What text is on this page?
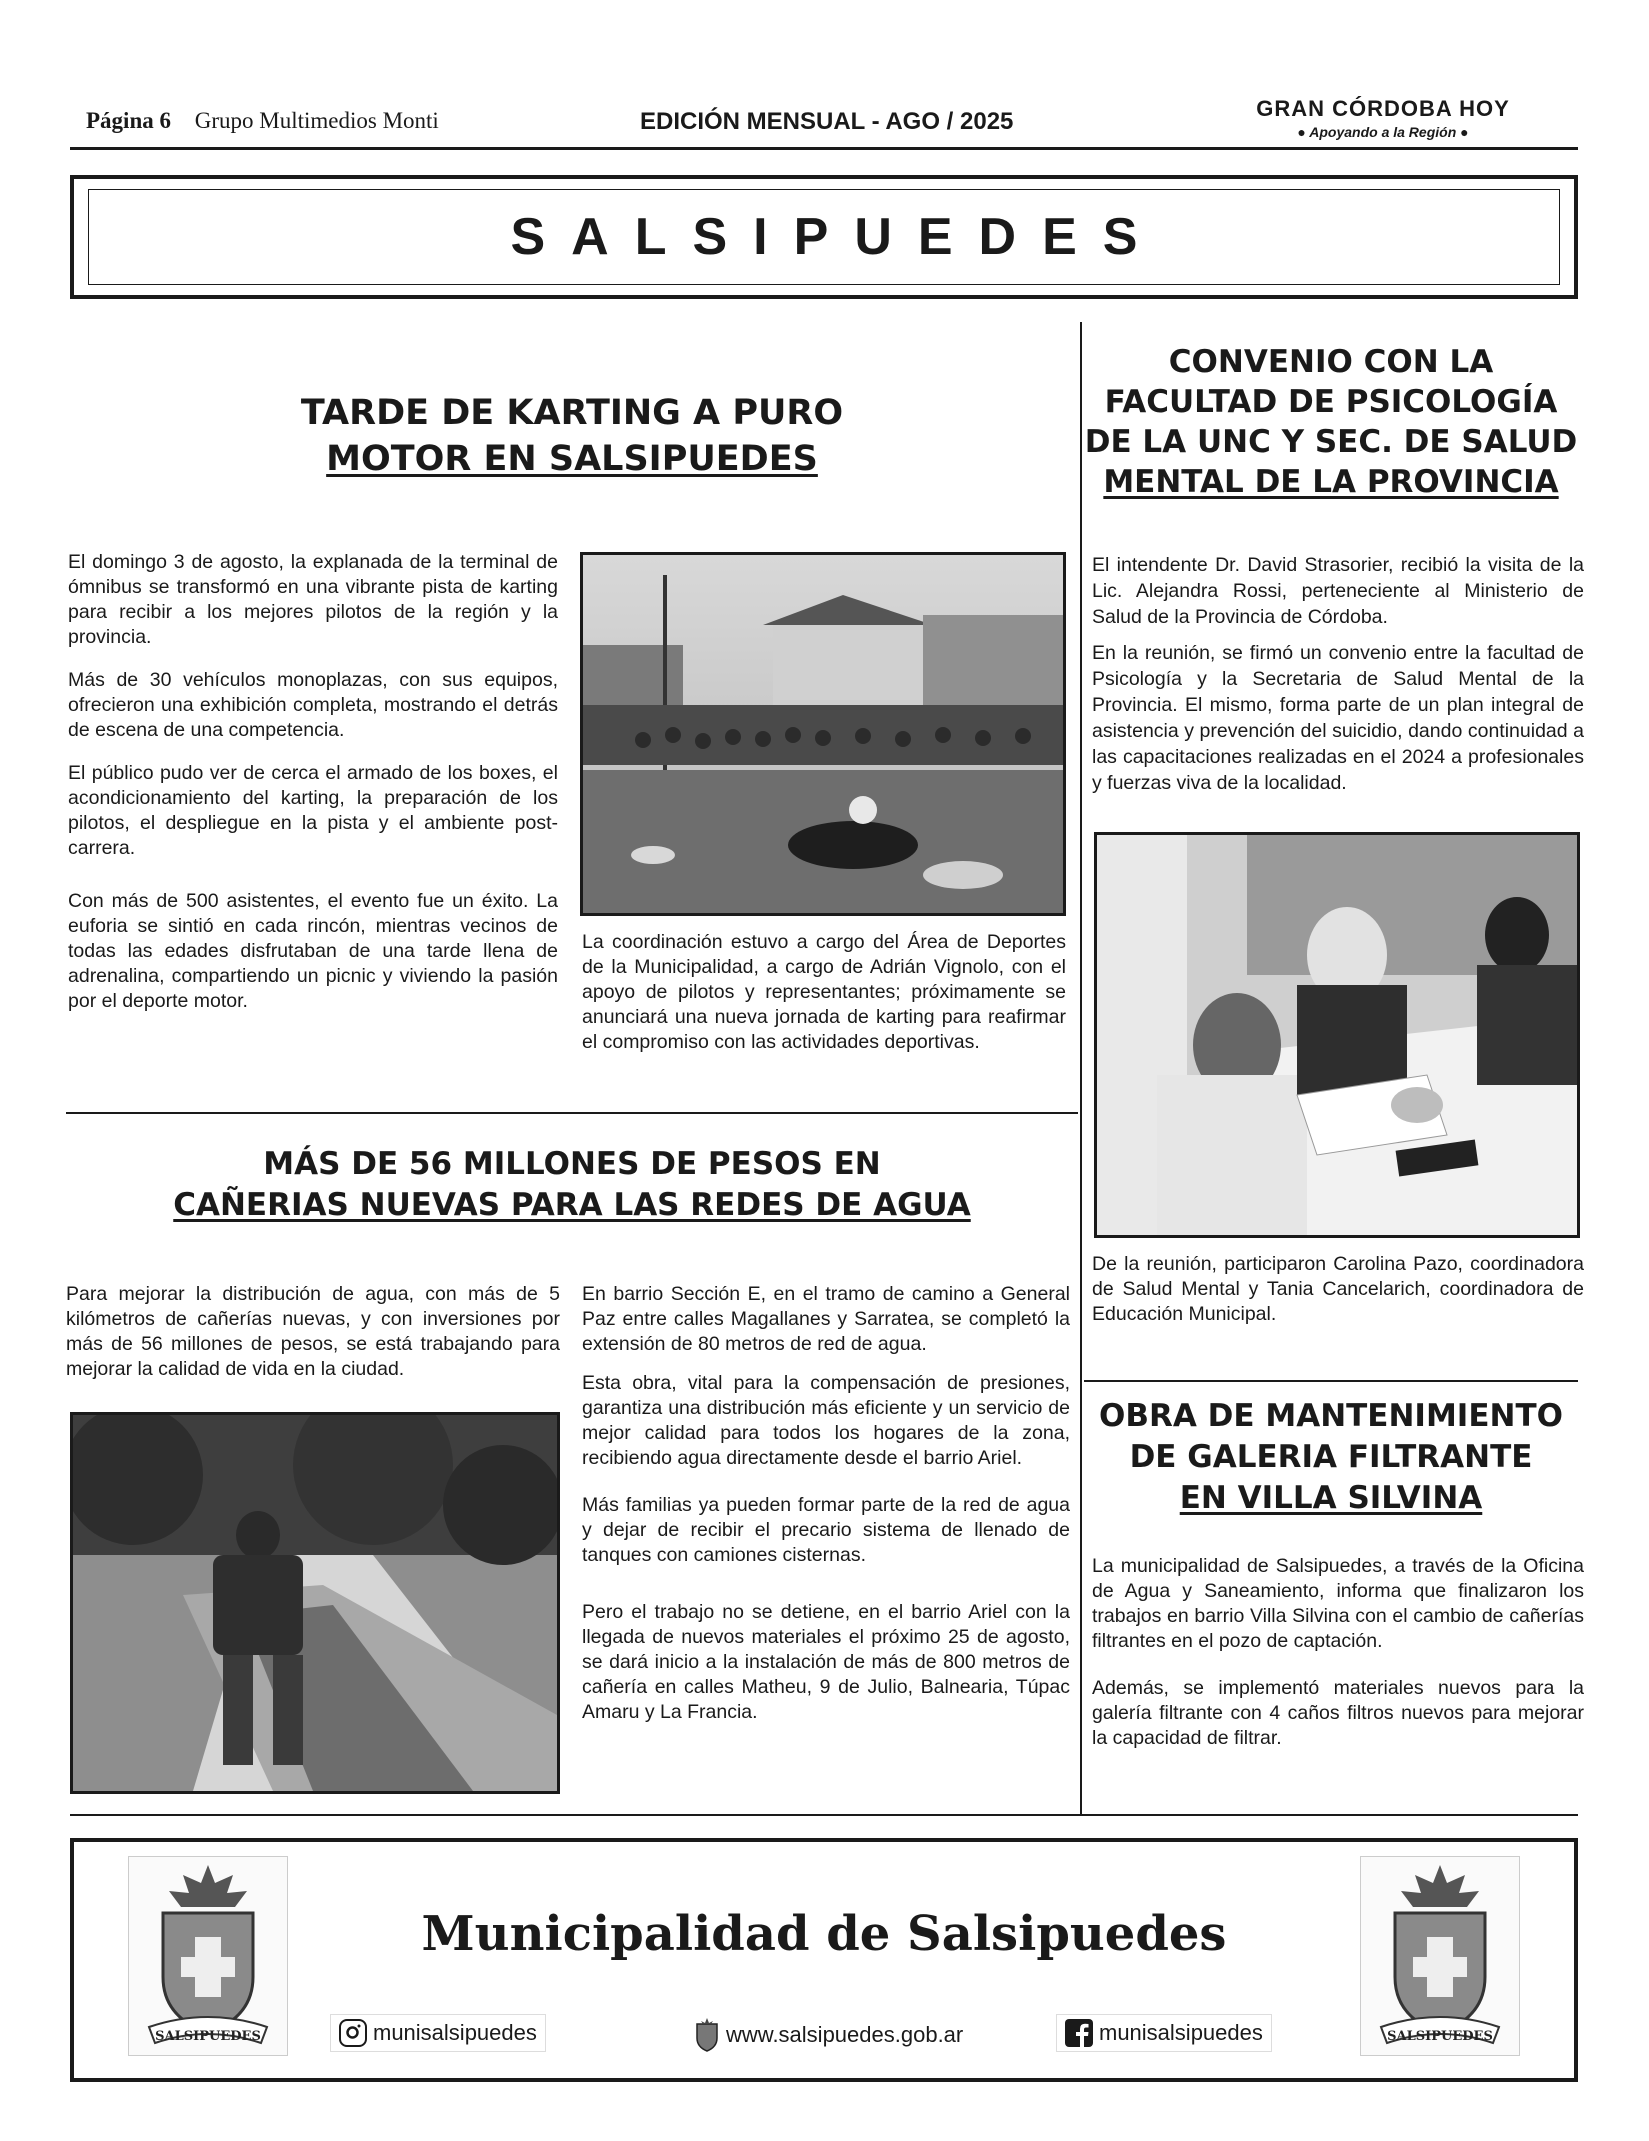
Página 6 Grupo Multimedios Monti	EDICIÓN MENSUAL - AGO / 2025	GRAN CÓRDOBA HOY
● Apoyando a la Región ●
SALSIPUEDES
TARDE DE KARTING A PURO
MOTOR EN SALSIPUEDES

El domingo 3 de agosto, la explanada de la terminal de ómnibus se transformó en una vibrante pista de karting para recibir a los mejores pilotos de la región y la provincia.

Más de 30 vehículos monoplazas, con sus equipos, ofrecieron una exhibición completa, mostrando el detrás de escena de una competencia.

El público pudo ver de cerca el armado de los boxes, el acondicionamiento del karting, la preparación de los pilotos, el despliegue en la pista y el ambiente post-carrera.

Con más de 500 asistentes, el evento fue un éxito. La euforia se sintió en cada rincón, mientras vecinos de todas las edades disfrutaban de una tarde llena de adrenalina, compartiendo un picnic y viviendo la pasión por el deporte motor.

La coordinación estuvo a cargo del Área de Deportes de la Municipalidad, a cargo de Adrián Vignolo, con el apoyo de pilotos y representantes; próximamente se anunciará una nueva jornada de karting para reafirmar el compromiso con las actividades deportivas.

CONVENIO CON LA
FACULTAD DE PSICOLOGÍA
DE LA UNC Y SEC. DE SALUD
MENTAL DE LA PROVINCIA

El intendente Dr. David Strasorier, recibió la visita de la Lic. Alejandra Rossi, perteneciente al Ministerio de Salud de la Provincia de Córdoba.

En la reunión, se firmó un convenio entre la facultad de Psicología y la Secretaria de Salud Mental de la Provincia. El mismo, forma parte de un plan integral de asistencia y prevención del suicidio, dando continuidad a las capacitaciones realizadas en el 2024 a profesionales y fuerzas viva de la localidad.

De la reunión, participaron Carolina Pazo, coordinadora de Salud Mental y Tania Cancelarich, coordinadora de Educación Municipal.

MÁS DE 56 MILLONES DE PESOS EN
CAÑERIAS NUEVAS PARA LAS REDES DE AGUA

Para mejorar la distribución de agua, con más de 5 kilómetros de cañerías nuevas, y con inversiones por más de 56 millones de pesos, se está trabajando para mejorar la calidad de vida en la ciudad.

En barrio Sección E, en el tramo de camino a General Paz entre calles Magallanes y Sarratea, se completó la extensión de 80 metros de red de agua.

Esta obra, vital para la compensación de presiones, garantiza una distribución más eficiente y un servicio de mejor calidad para todos los hogares de la zona, recibiendo agua directamente desde el barrio Ariel.

Más familias ya pueden formar parte de la red de agua y dejar de recibir el precario sistema de llenado de tanques con camiones cisternas.

Pero el trabajo no se detiene, en el barrio Ariel con la llegada de nuevos materiales el próximo 25 de agosto, se dará inicio a la instalación de más de 800 metros de cañería en calles Matheu, 9 de Julio, Balnearia, Túpac Amaru y La Francia.

OBRA DE MANTENIMIENTO
DE GALERIA FILTRANTE
EN VILLA SILVINA

La municipalidad de Salsipuedes, a través de la Oficina de Agua y Saneamiento, informa que finalizaron los trabajos en barrio Villa Silvina con el cambio de cañerías filtrantes en el pozo de captación.

Además, se implementó materiales nuevos para la galería filtrante con 4 caños filtros nuevos para mejorar la capacidad de filtrar.

SALSIPUEDES	SALSIPUEDES
Municipalidad de Salsipuedes
munisalsipuedes	www.salsipuedes.gob.ar	munisalsipuedes
